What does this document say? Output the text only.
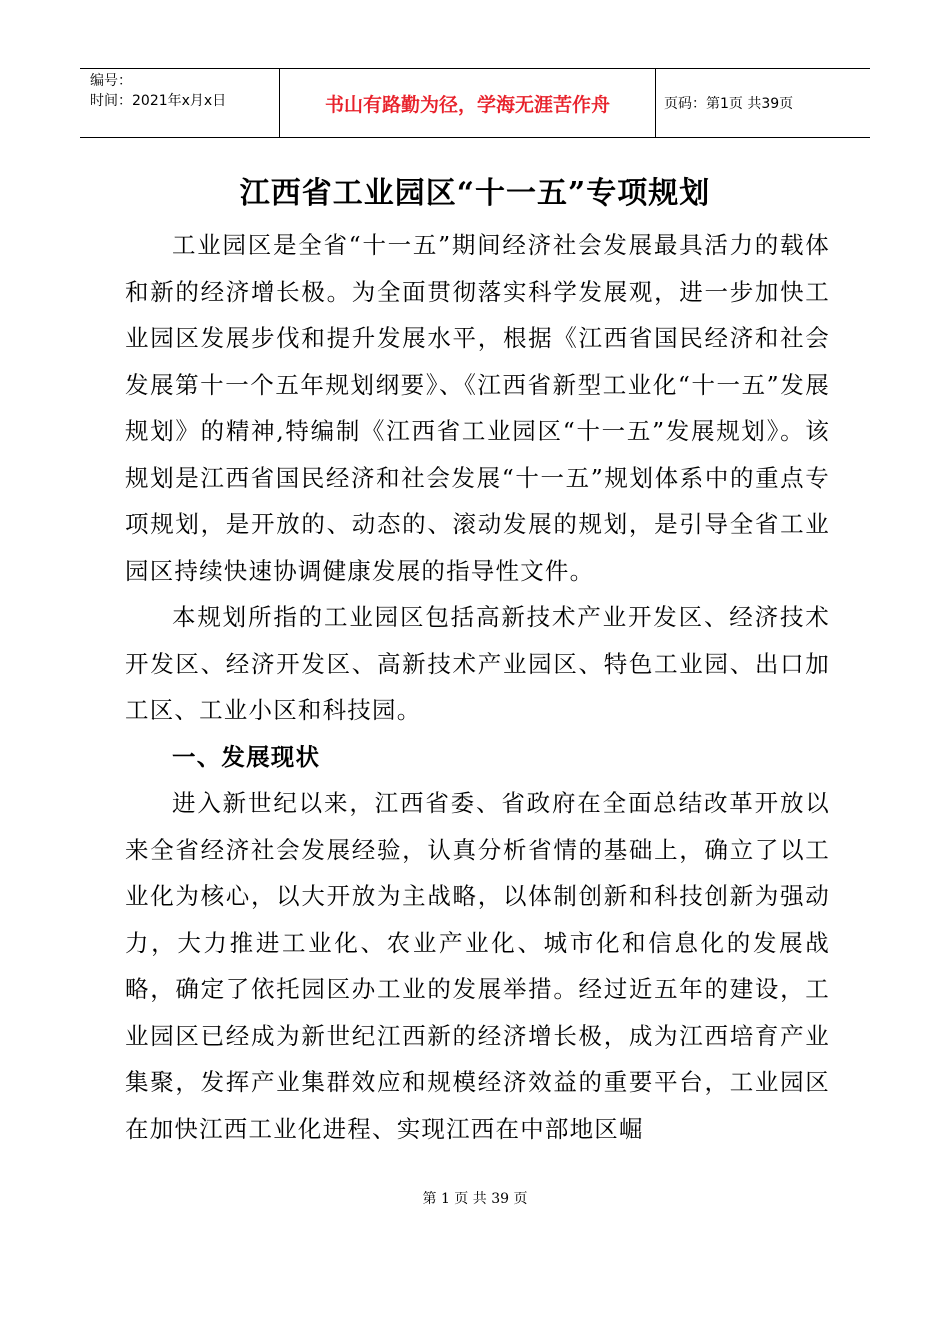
编号：
时间：2021年x月x日	书山有路勤为径，学海无涯苦作舟	页码：第1页 共39页
江西省工业园区“十一五”专项规划

工业园区是全省“十一五”期间经济社会发展最具活力的载体和新的经济增长极。为全面贯彻落实科学发展观，进一步加快工业园区发展步伐和提升发展水平，根据《江西省国民经济和社会发展第十一个五年规划纲要》、《江西省新型工业化“十一五”发展规划》的精神,特编制《江西省工业园区“十一五”发展规划》。该规划是江西省国民经济和社会发展“十一五”规划体系中的重点专项规划，是开放的、动态的、滚动发展的规划，是引导全省工业园区持续快速协调健康发展的指导性文件。

本规划所指的工业园区包括高新技术产业开发区、经济技术开发区、经济开发区、高新技术产业园区、特色工业园、出口加工区、工业小区和科技园。

一、发展现状

进入新世纪以来，江西省委、省政府在全面总结改革开放以来全省经济社会发展经验，认真分析省情的基础上，确立了以工业化为核心，以大开放为主战略，以体制创新和科技创新为强动力，大力推进工业化、农业产业化、城市化和信息化的发展战略，确定了依托园区办工业的发展举措。经过近五年的建设，工业园区已经成为新世纪江西新的经济增长极，成为江西培育产业集聚，发挥产业集群效应和规模经济效益的重要平台，工业园区在加快江西工业化进程、实现江西在中部地区崛

第 1 页 共 39 页
